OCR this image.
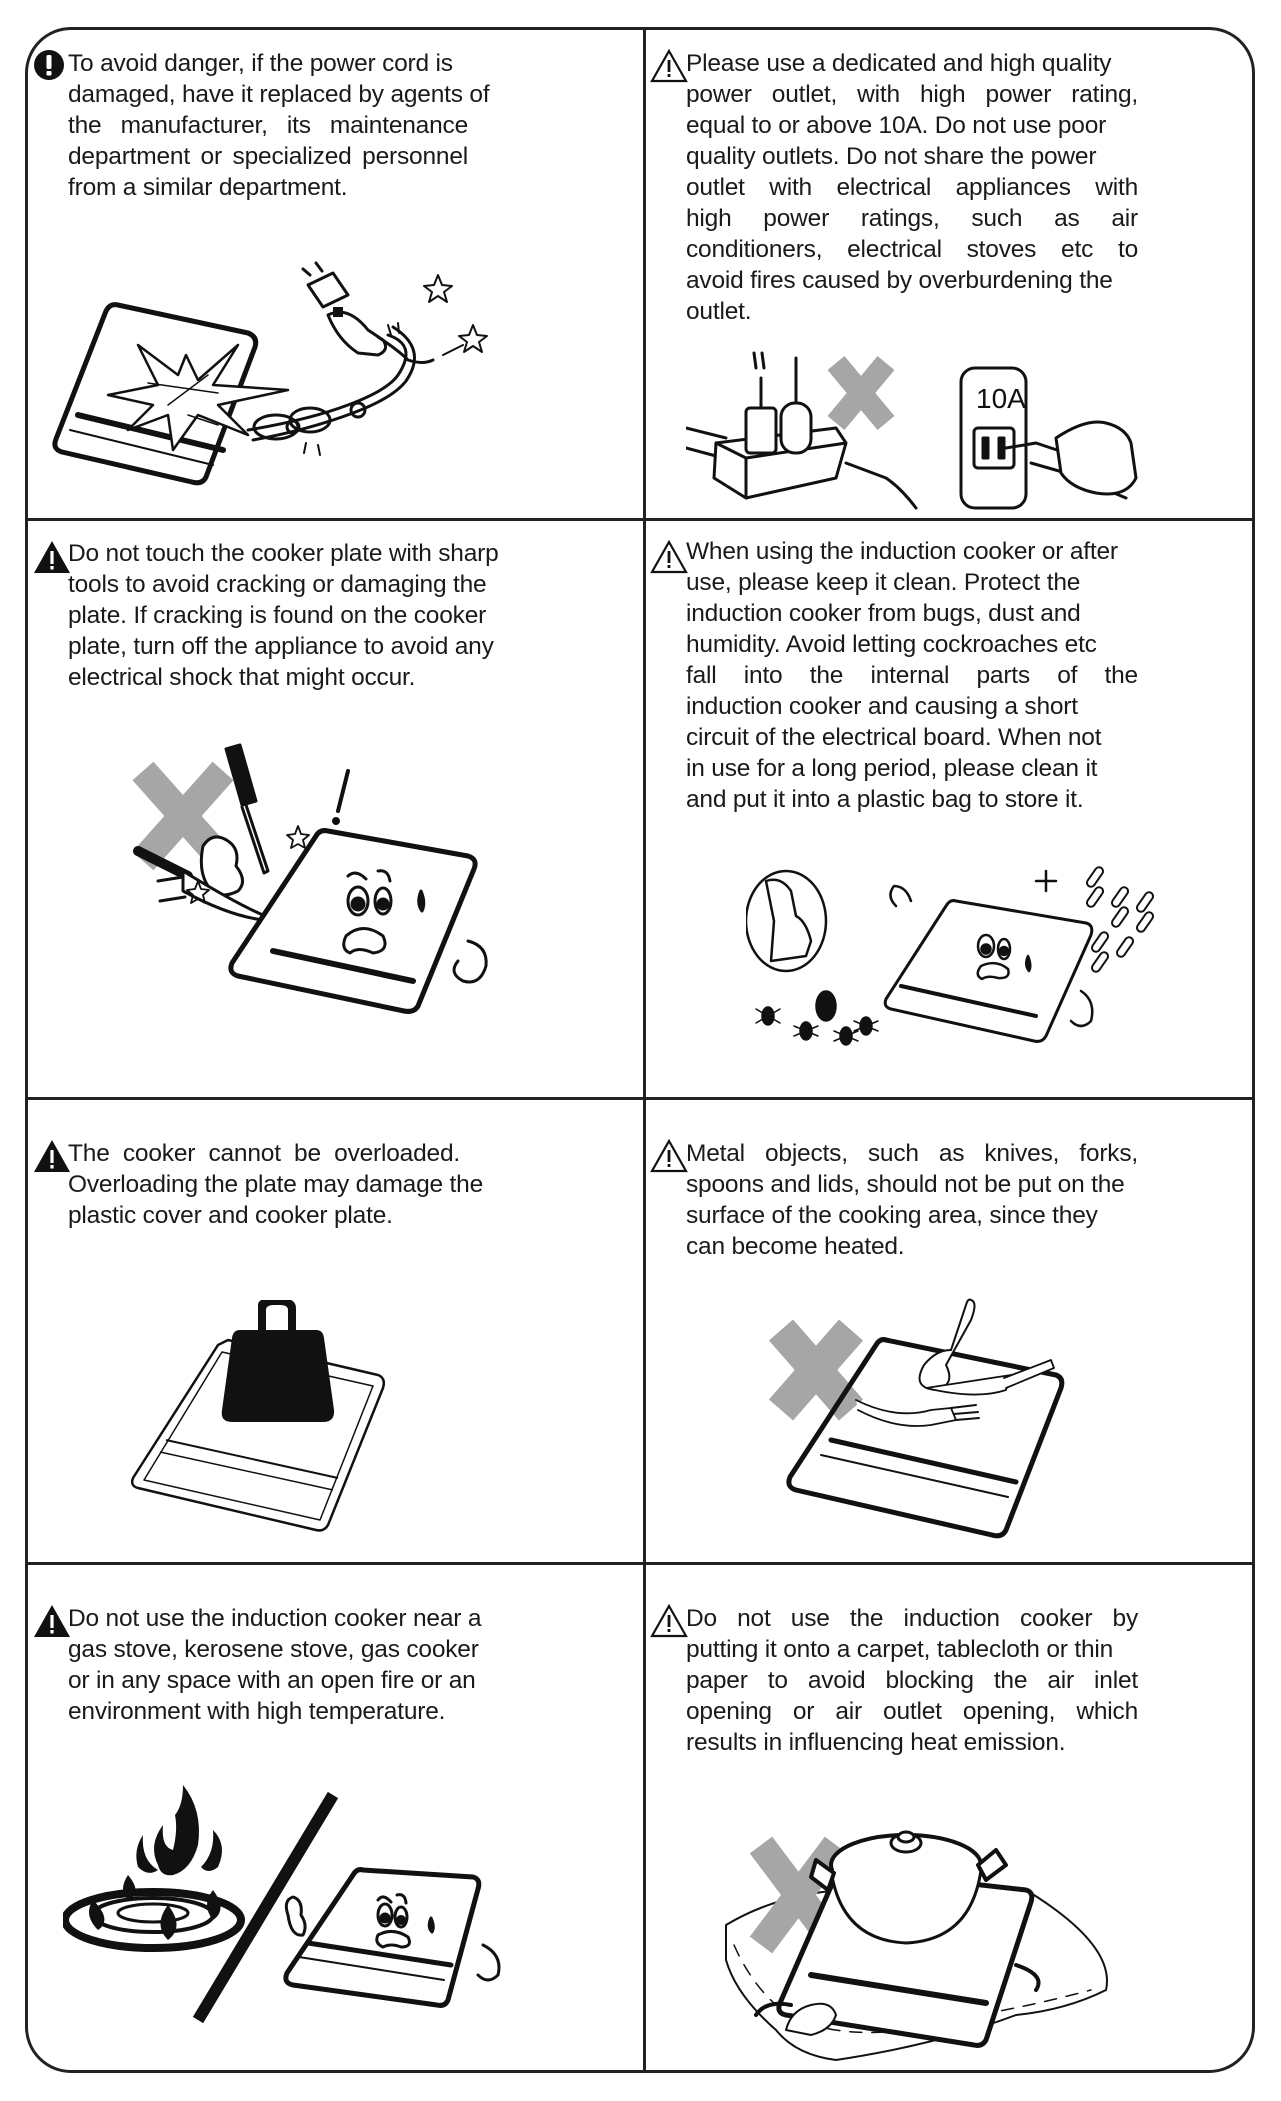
To avoid danger, if the power cord is
damaged, have it replaced by agents of
the manufacturer, its maintenance
department or specialized personnel
from a similar department.
Please use a dedicated and high quality
power outlet, with high power rating,
equal to or above 10A. Do not use poor
quality outlets. Do not share the power
outlet with electrical appliances with
high power ratings, such as air
conditioners, electrical stoves etc to
avoid fires caused by overburdening the
outlet.
10A
Do not touch the cooker plate with sharp
tools to avoid cracking or damaging the
plate. If cracking is found on the cooker
plate, turn off the appliance to avoid any
electrical shock that might occur.
When using the induction cooker or after
use, please keep it clean. Protect the
induction cooker from bugs, dust and
humidity. Avoid letting cockroaches etc
fall into the internal parts of the
induction cooker and causing a short
circuit of the electrical board. When not
in use for a long period, please clean it
and put it into a plastic bag to store it.
The cooker cannot be overloaded.
Overloading the plate may damage the
plastic cover and cooker plate.
Metal objects, such as knives, forks,
spoons and lids, should not be put on the
surface of the cooking area, since they
can become heated.
Do not use the induction cooker near a
gas stove, kerosene stove, gas cooker
or in any space with an open fire or an
environment with high temperature.
Do not use the induction cooker by
putting it onto a carpet, tablecloth or thin
paper to avoid blocking the air inlet
opening or air outlet opening, which
results in influencing heat emission.
